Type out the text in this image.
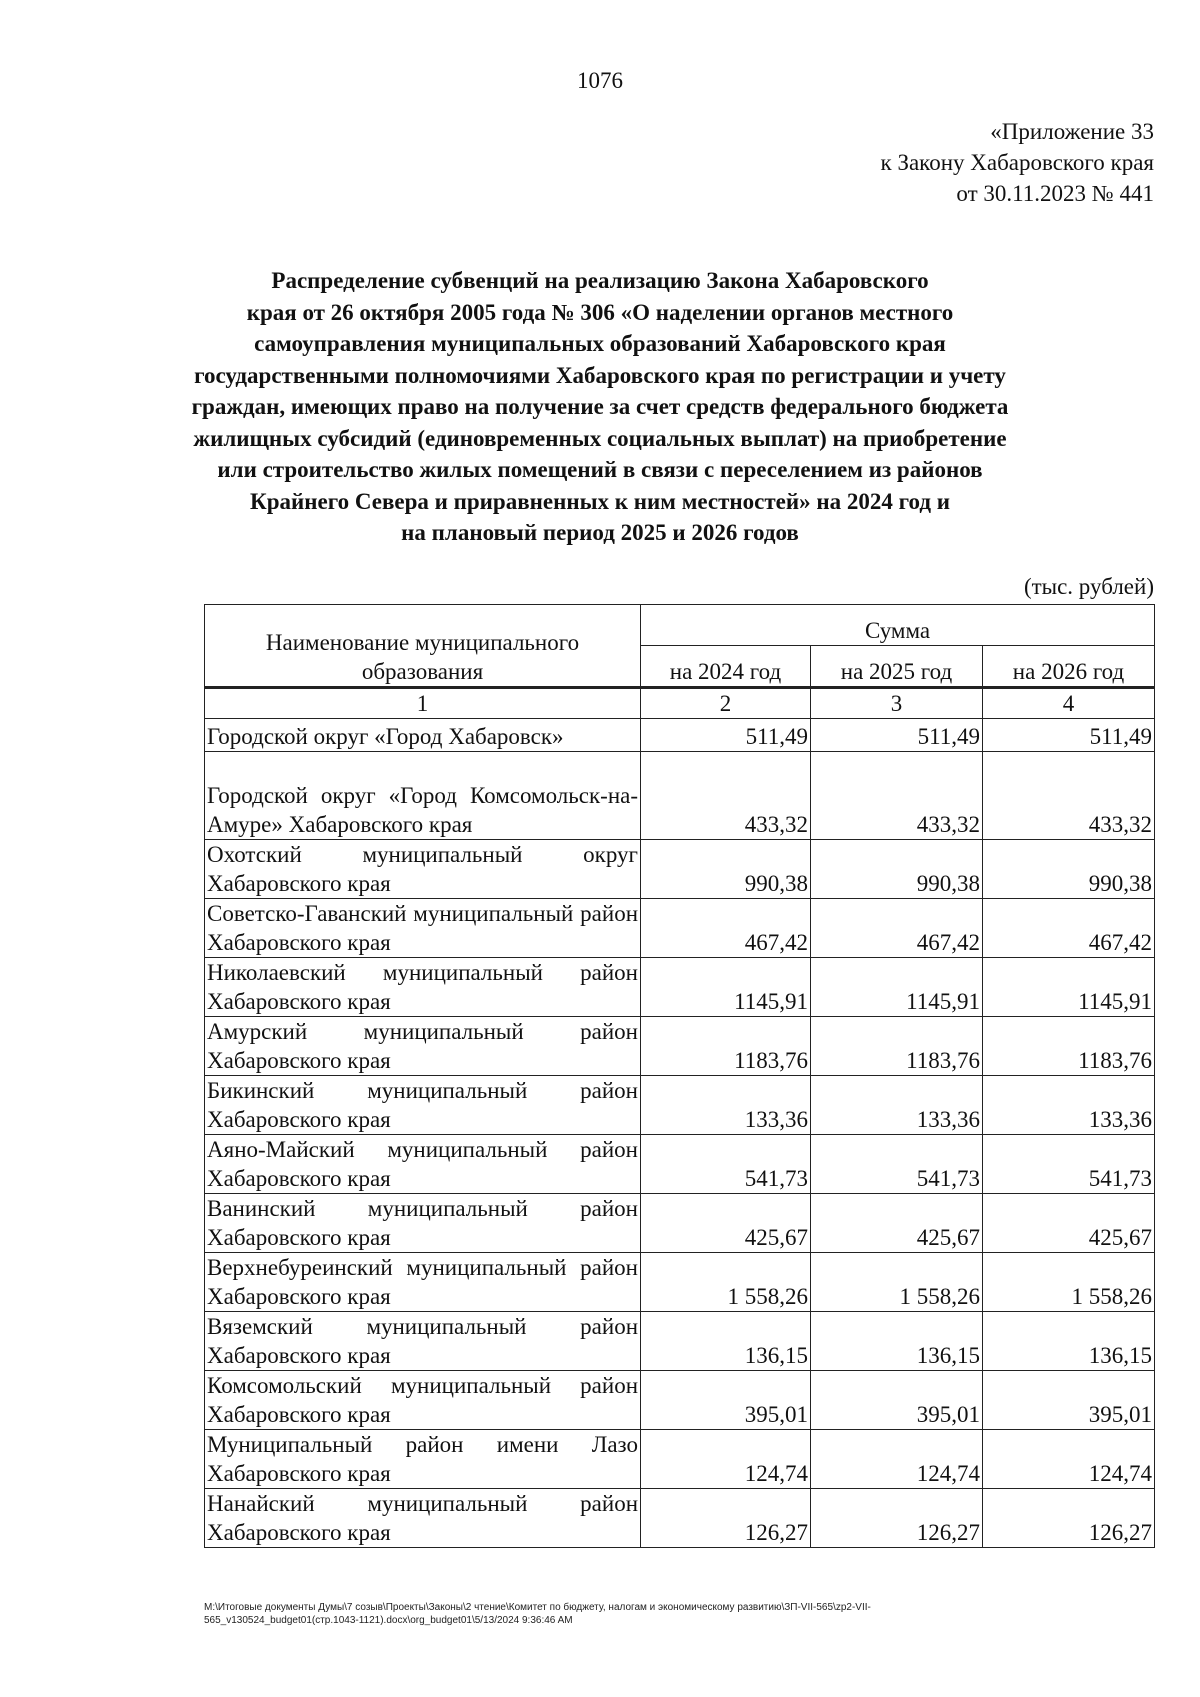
1076
«Приложение 33
к Закону Хабаровского края
от 30.11.2023 № 441
Распределение субвенций на реализацию Закона Хабаровского
края от 26 октября 2005 года № 306 «О наделении органов местного
самоуправления муниципальных образований Хабаровского края
государственными полномочиями Хабаровского края по регистрации и учету
граждан, имеющих право на получение за счет средств федерального бюджета
жилищных субсидий (единовременных социальных выплат) на приобретение
или строительство жилых помещений в связи с переселением из районов
Крайнего Севера и приравненных к ним местностей» на 2024 год и
на плановый период 2025 и 2026 годов
(тыс. рублей)
Наименование муниципального образования	Сумма		
	на 2024 год	на 2025 год	на 2026 год
1	2	3	4
Городской округ «Город Хабаровск»	511,49	511,49	511,49
Городской округ «Город Комсомольск-на-Амуре» Хабаровского края	433,32	433,32	433,32
Охотский муниципальный округ Хабаровского края	990,38	990,38	990,38
Советско-Гаванский муниципальный район Хабаровского края	467,42	467,42	467,42
Николаевский муниципальный район Хабаровского края	1145,91	1145,91	1145,91
Амурский муниципальный район Хабаровского края	1183,76	1183,76	1183,76
Бикинский муниципальный район Хабаровского края	133,36	133,36	133,36
Аяно-Майский муниципальный район Хабаровского края	541,73	541,73	541,73
Ванинский муниципальный район Хабаровского края	425,67	425,67	425,67
Верхнебуреинский муниципальный район Хабаровского края	1 558,26	1 558,26	1 558,26
Вяземский муниципальный район Хабаровского края	136,15	136,15	136,15
Комсомольский муниципальный район Хабаровского края	395,01	395,01	395,01
Муниципальный район имени Лазо Хабаровского края	124,74	124,74	124,74
Нанайский муниципальный район Хабаровского края	126,27	126,27	126,27
М:\Итоговые документы Думы\7 созыв\Проекты\Законы\2 чтение\Комитет по бюджету, налогам и экономическому развитию\ЗП-VII-565\zp2-VII-
565_v130524_budget01(стр.1043-1121).docx\org_budget01\5/13/2024 9:36:46 AM
